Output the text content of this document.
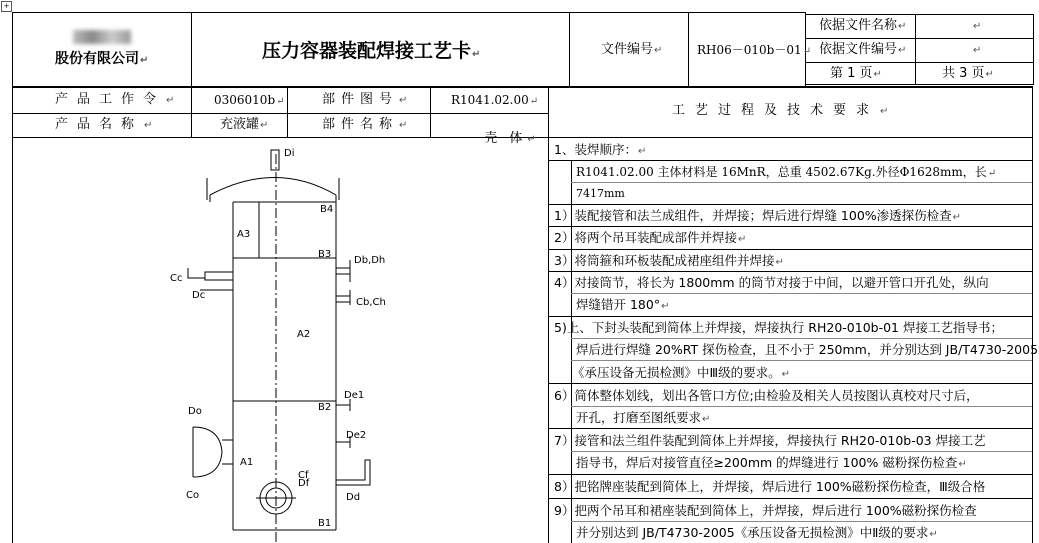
+
股份有限公司↵	压力容器装配焊接工艺卡↵	文件编号↵	RH06－010b－01↵
依据文件名称↵	↵
依据文件编号↵	↵
第 1 页↵	共 3 页↵
产品工作令↵	0306010b↵	部件图号↵	R1041.02.00↵
产品名称↵	充液罐↵	部件名称↵

壳 体↵

工艺过程及技术要求↵
Di
B4
A3
B3
Db,Dh
Cc
Dc
Cb,Ch
A2
De1
Do	B2
De2
A1
Cf
Df
Co	Dd
B1
1、装焊顺序：↵
R1041.02.00 主体材料是 16MnR，总重 4502.67Kg.外径Φ1628mm，长↵
7417mm
1）装配接管和法兰成组件，并焊接；焊后进行焊缝 100%渗透探伤检查↵
2）将两个吊耳装配成部件并焊接↵
3）将筒箍和环板装配成裙座组件并焊接↵
4）对接筒节，将长为 1800mm 的筒节对接于中间，以避开管口开孔处，纵向
焊缝错开 180°↵
5)上、下封头装配到简体上并焊接，焊接执行 RH20-010b-01 焊接工艺指导书；
焊后进行焊缝 20%RT 探伤检查，且不小于 250mm，并分别达到 JB/T4730-2005
《承压设备无损检测》中Ⅲ级的要求。↵
6）简体整体划线，划出各管口方位;由检验及相关人员按图认真校对尺寸后，
开孔，打磨至图纸要求↵
7）接管和法兰组件装配到简体上并焊接，焊接执行 RH20-010b-03 焊接工艺
指导书，焊后对接管直径≥200mm 的焊缝进行 100% 磁粉探伤检查↵
8）把铭牌座装配到简体上，并焊接，焊后进行 100%磁粉探伤检查，Ⅲ级合格
9）把两个吊耳和裙座装配到简体上，并焊接，焊后进行 100%磁粉探伤检查
并分别达到 JB/T4730-2005《承压设备无损检测》中Ⅱ级的要求↵
